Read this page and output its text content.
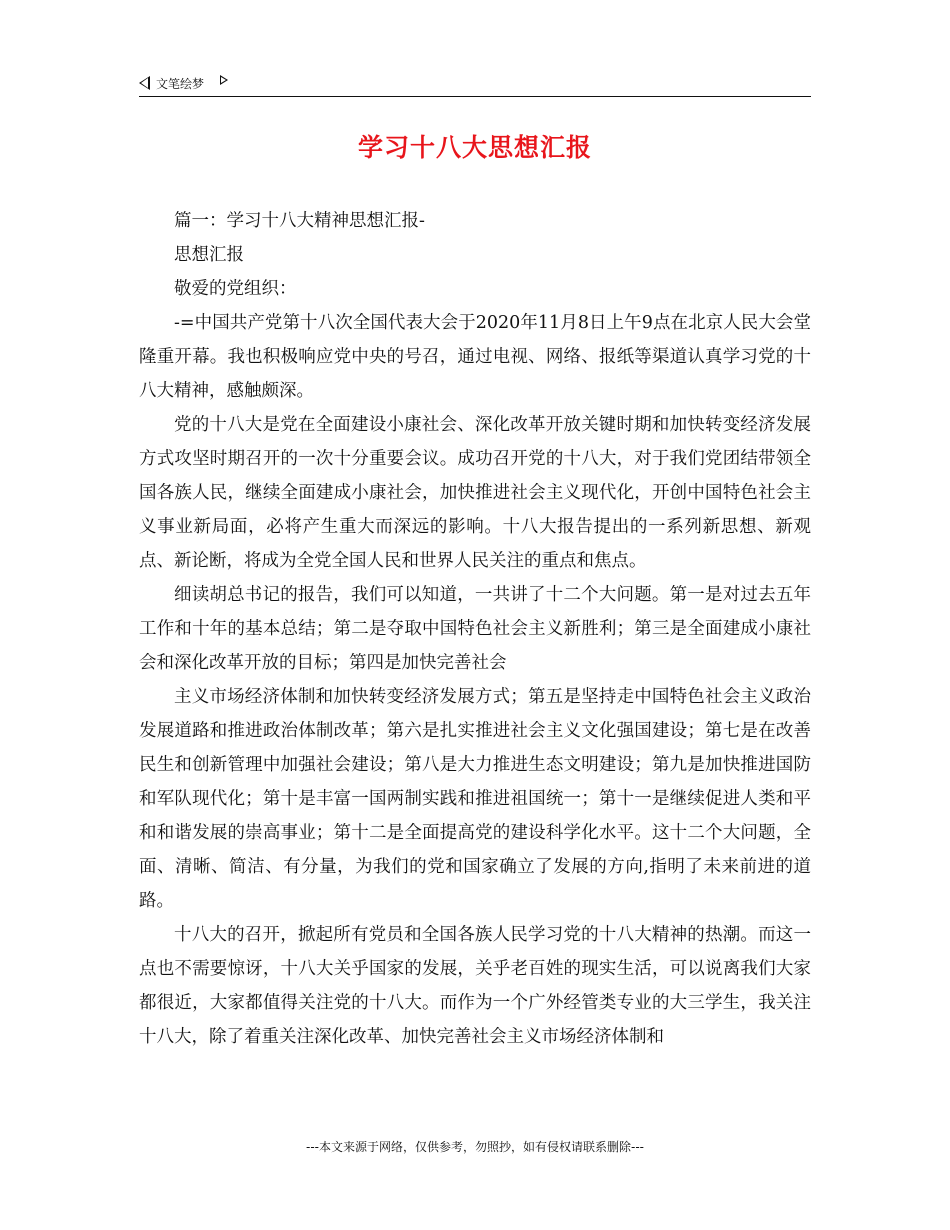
文笔绘梦
学习十八大思想汇报

篇一：学习十八大精神思想汇报-

思想汇报

敬爱的党组织：

-=中国共产党第十八次全国代表大会于2020年11月8日上午9点在北京人民大会堂隆重开幕。我也积极响应党中央的号召，通过电视、网络、报纸等渠道认真学习党的十八大精神，感触颇深。

党的十八大是党在全面建设小康社会、深化改革开放关键时期和加快转变经济发展方式攻坚时期召开的一次十分重要会议。成功召开党的十八大，对于我们党团结带领全国各族人民，继续全面建成小康社会，加快推进社会主义现代化，开创中国特色社会主义事业新局面，必将产生重大而深远的影响。十八大报告提出的一系列新思想、新观点、新论断，将成为全党全国人民和世界人民关注的重点和焦点。

细读胡总书记的报告，我们可以知道，一共讲了十二个大问题。第一是对过去五年工作和十年的基本总结；第二是夺取中国特色社会主义新胜利；第三是全面建成小康社会和深化改革开放的目标；第四是加快完善社会

主义市场经济体制和加快转变经济发展方式；第五是坚持走中国特色社会主义政治发展道路和推进政治体制改革；第六是扎实推进社会主义文化强国建设；第七是在改善民生和创新管理中加强社会建设；第八是大力推进生态文明建设；第九是加快推进国防和军队现代化；第十是丰富一国两制实践和推进祖国统一；第十一是继续促进人类和平和和谐发展的崇高事业；第十二是全面提高党的建设科学化水平。这十二个大问题，全面、清晰、简洁、有分量，为我们的党和国家确立了发展的方向,指明了未来前进的道路。

十八大的召开，掀起所有党员和全国各族人民学习党的十八大精神的热潮。而这一点也不需要惊讶，十八大关乎国家的发展，关乎老百姓的现实生活，可以说离我们大家都很近，大家都值得关注党的十八大。而作为一个广外经管类专业的大三学生，我关注十八大，除了着重关注深化改革、加快完善社会主义市场经济体制和

---本文来源于网络，仅供参考，勿照抄，如有侵权请联系删除---
